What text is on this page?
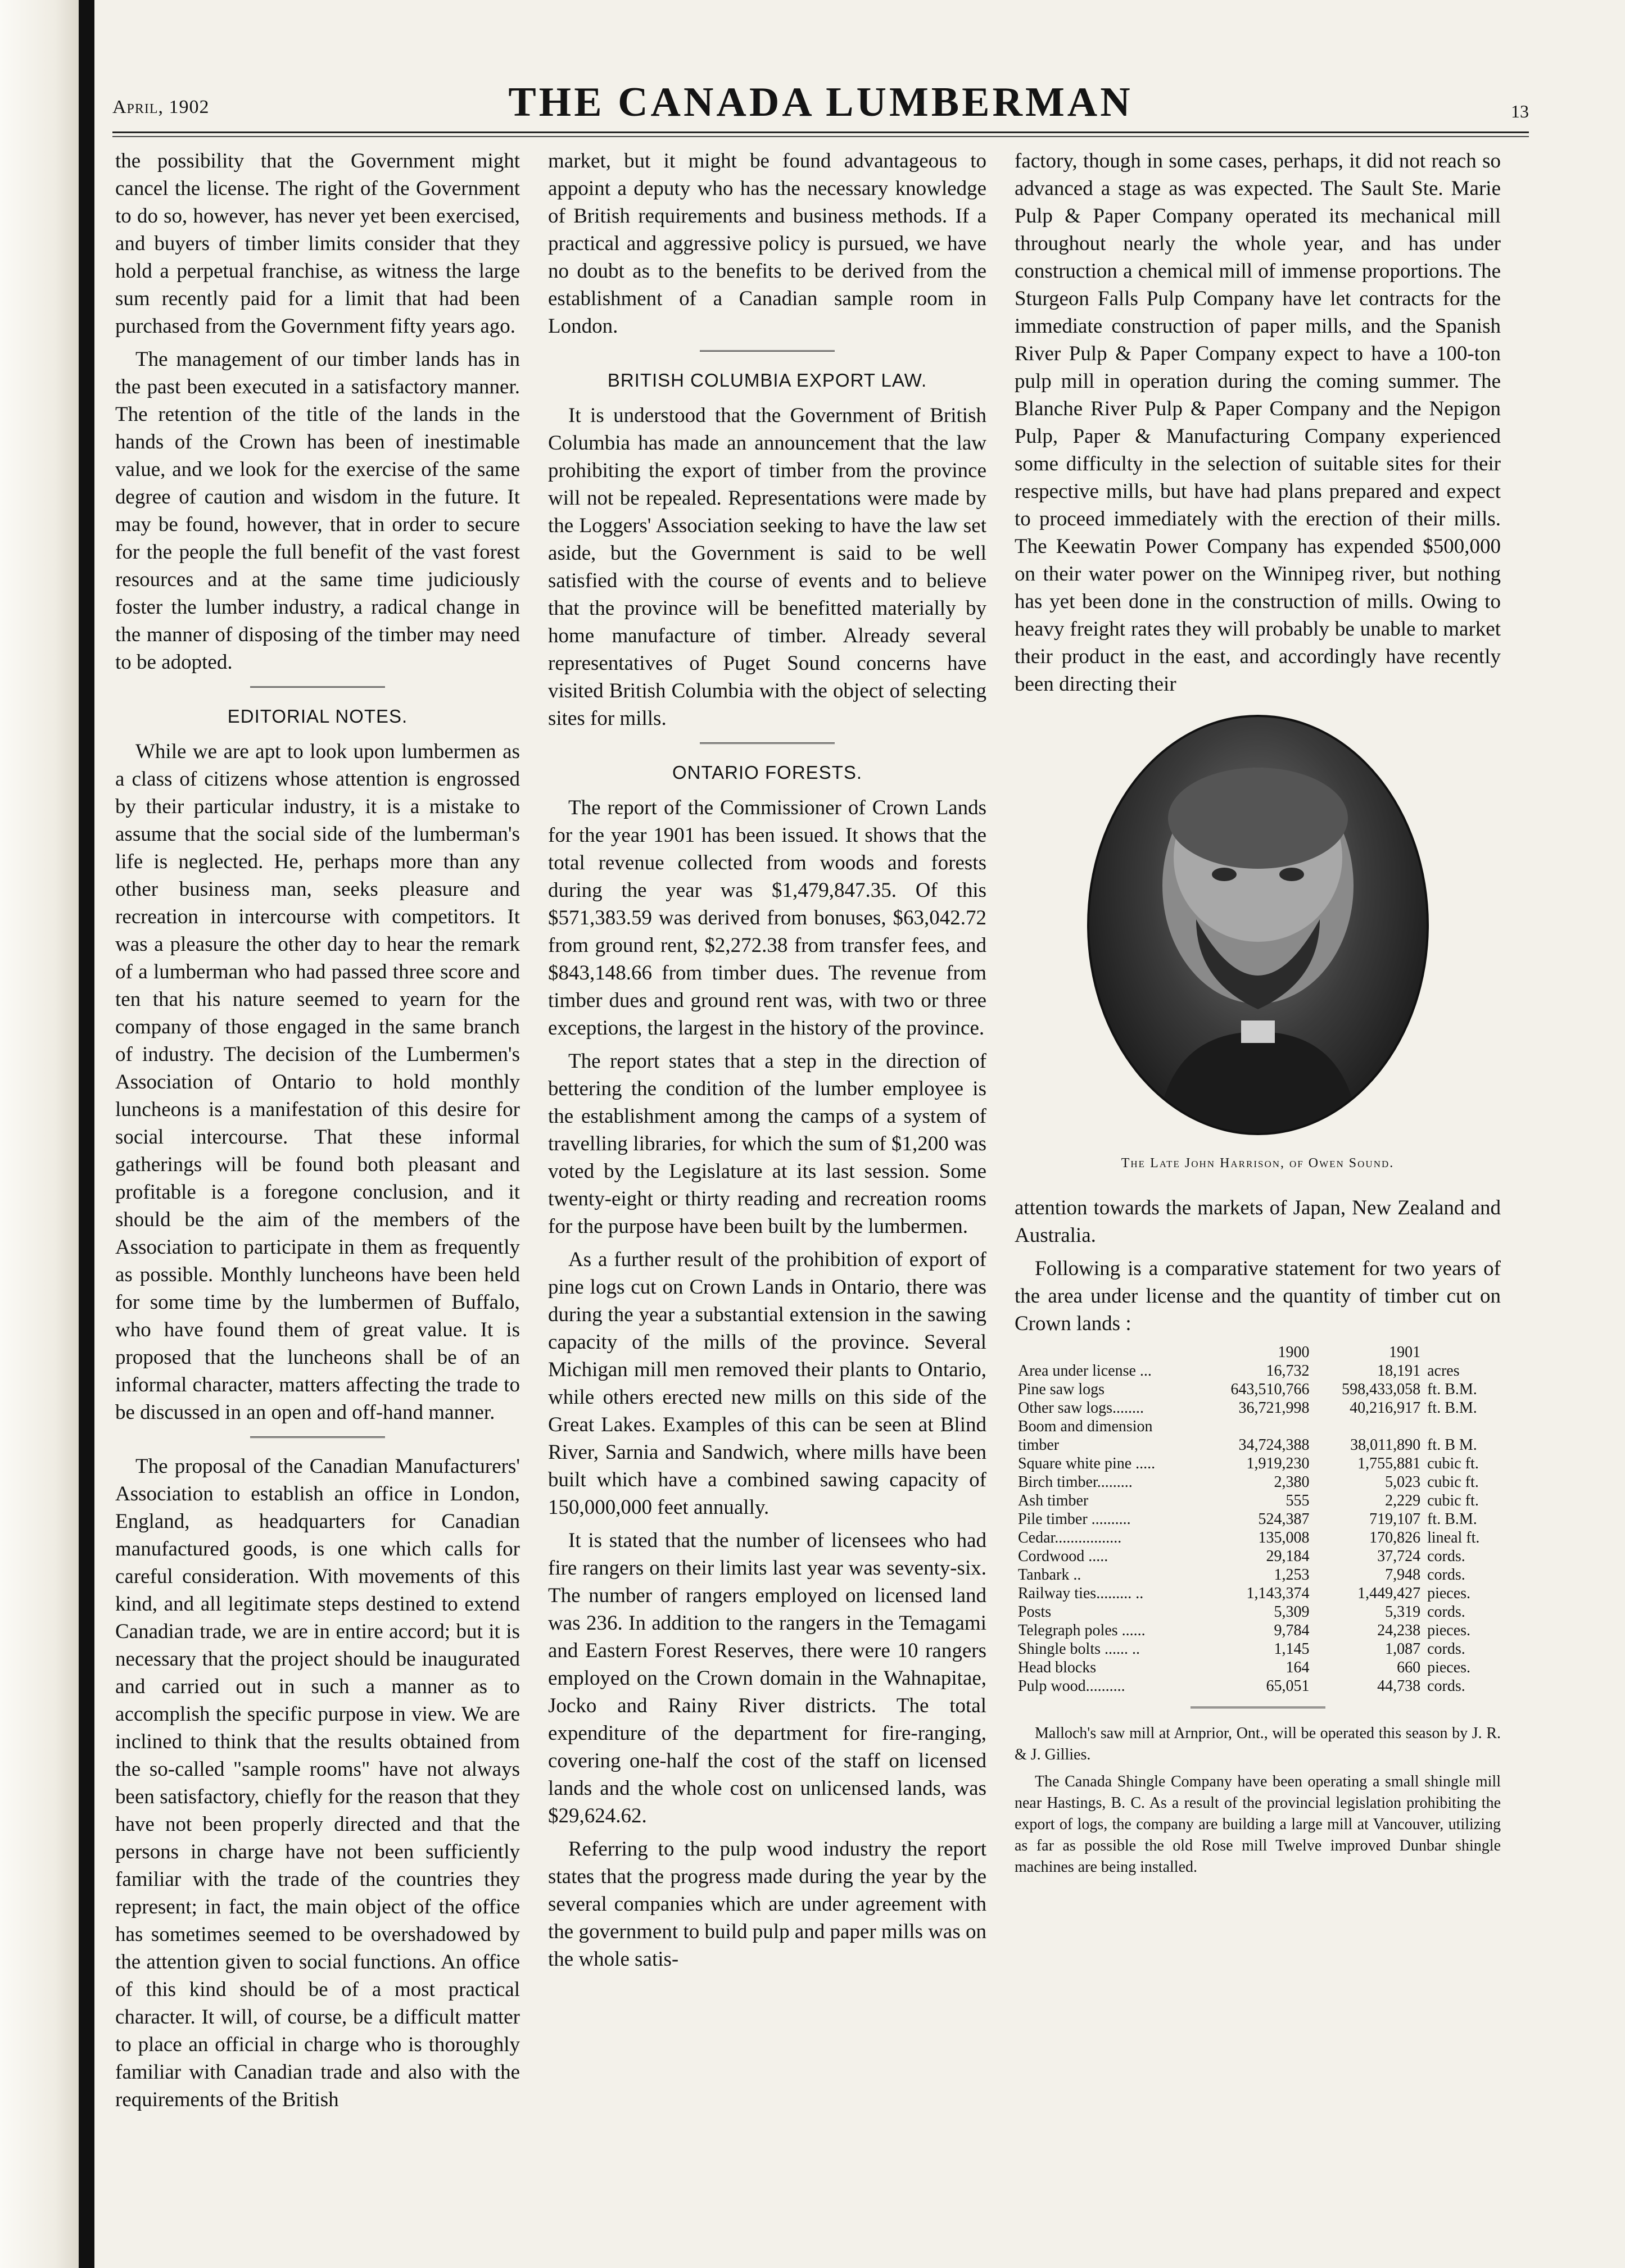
April, 1902	THE CANADA LUMBERMAN	13

the possibility that the Government might cancel the license. The right of the Government to do so, however, has never yet been exercised, and buyers of timber limits consider that they hold a perpetual franchise, as witness the large sum recently paid for a limit that had been purchased from the Government fifty years ago.

The management of our timber lands has in the past been executed in a satisfactory manner. The retention of the title of the lands in the hands of the Crown has been of inestimable value, and we look for the exercise of the same degree of caution and wisdom in the future. It may be found, however, that in order to secure for the people the full benefit of the vast forest resources and at the same time judiciously foster the lumber industry, a radical change in the manner of disposing of the timber may need to be adopted.

EDITORIAL NOTES.

While we are apt to look upon lumbermen as a class of citizens whose attention is engrossed by their particular industry, it is a mistake to assume that the social side of the lumberman's life is neglected. He, perhaps more than any other business man, seeks pleasure and recreation in intercourse with competitors. It was a pleasure the other day to hear the remark of a lumberman who had passed three score and ten that his nature seemed to yearn for the company of those engaged in the same branch of industry. The decision of the Lumbermen's Association of Ontario to hold monthly luncheons is a manifestation of this desire for social intercourse. That these informal gatherings will be found both pleasant and profitable is a foregone conclusion, and it should be the aim of the members of the Association to participate in them as frequently as possible. Monthly luncheons have been held for some time by the lumbermen of Buffalo, who have found them of great value. It is proposed that the luncheons shall be of an informal character, matters affecting the trade to be discussed in an open and off-hand manner.

The proposal of the Canadian Manufacturers' Association to establish an office in London, England, as headquarters for Canadian manufactured goods, is one which calls for careful consideration. With movements of this kind, and all legitimate steps destined to extend Canadian trade, we are in entire accord; but it is necessary that the project should be inaugurated and carried out in such a manner as to accomplish the specific purpose in view. We are inclined to think that the results obtained from the so-called "sample rooms" have not always been satisfactory, chiefly for the reason that they have not been properly directed and that the persons in charge have not been sufficiently familiar with the trade of the countries they represent; in fact, the main object of the office has sometimes seemed to be overshadowed by the attention given to social functions. An office of this kind should be of a most practical character. It will, of course, be a difficult matter to place an official in charge who is thoroughly familiar with Canadian trade and also with the requirements of the British

market, but it might be found advantageous to appoint a deputy who has the necessary knowledge of British requirements and business methods. If a practical and aggressive policy is pursued, we have no doubt as to the benefits to be derived from the establishment of a Canadian sample room in London.

BRITISH COLUMBIA EXPORT LAW.

It is understood that the Government of British Columbia has made an announcement that the law prohibiting the export of timber from the province will not be repealed. Representations were made by the Loggers' Association seeking to have the law set aside, but the Government is said to be well satisfied with the course of events and to believe that the province will be benefitted materially by home manufacture of timber. Already several representatives of Puget Sound concerns have visited British Columbia with the object of selecting sites for mills.

ONTARIO FORESTS.

The report of the Commissioner of Crown Lands for the year 1901 has been issued. It shows that the total revenue collected from woods and forests during the year was $1,479,847.35. Of this $571,383.59 was derived from bonuses, $63,042.72 from ground rent, $2,272.38 from transfer fees, and $843,148.66 from timber dues. The revenue from timber dues and ground rent was, with two or three exceptions, the largest in the history of the province.

The report states that a step in the direction of bettering the condition of the lumber employee is the establishment among the camps of a system of travelling libraries, for which the sum of $1,200 was voted by the Legislature at its last session. Some twenty-eight or thirty reading and recreation rooms for the purpose have been built by the lumbermen.

As a further result of the prohibition of export of pine logs cut on Crown Lands in Ontario, there was during the year a substantial extension in the sawing capacity of the mills of the province. Several Michigan mill men removed their plants to Ontario, while others erected new mills on this side of the Great Lakes. Examples of this can be seen at Blind River, Sarnia and Sandwich, where mills have been built which have a combined sawing capacity of 150,000,000 feet annually.

It is stated that the number of licensees who had fire rangers on their limits last year was seventy-six. The number of rangers employed on licensed land was 236. In addition to the rangers in the Temagami and Eastern Forest Reserves, there were 10 rangers employed on the Crown domain in the Wahnapitae, Jocko and Rainy River districts. The total expenditure of the department for fire-ranging, covering one-half the cost of the staff on licensed lands and the whole cost on unlicensed lands, was $29,624.62.

Referring to the pulp wood industry the report states that the progress made during the year by the several companies which are under agreement with the government to build pulp and paper mills was on the whole satis-

factory, though in some cases, perhaps, it did not reach so advanced a stage as was expected. The Sault Ste. Marie Pulp & Paper Company operated its mechanical mill throughout nearly the whole year, and has under construction a chemical mill of immense proportions. The Sturgeon Falls Pulp Company have let contracts for the immediate construction of paper mills, and the Spanish River Pulp & Paper Company expect to have a 100-ton pulp mill in operation during the coming summer. The Blanche River Pulp & Paper Company and the Nepigon Pulp, Paper & Manufacturing Company experienced some difficulty in the selection of suitable sites for their respective mills, but have had plans prepared and expect to proceed immediately with the erection of their mills. The Keewatin Power Company has expended $500,000 on their water power on the Winnipeg river, but nothing has yet been done in the construction of mills. Owing to heavy freight rates they will probably be unable to market their product in the east, and accordingly have recently been directing their

The Late John Harrison, of Owen Sound.

attention towards the markets of Japan, New Zealand and Australia.

Following is a comparative statement for two years of the area under license and the quantity of timber cut on Crown lands :

	1900	1901	
Area under license ...	16,732	18,191	acres
Pine saw logs	643,510,766	598,433,058	ft. B.M.
Other saw logs........	36,721,998	40,216,917	ft. B.M.
Boom and dimension			
timber	34,724,388	38,011,890	ft. B M.
Square white pine .....	1,919,230	1,755,881	cubic ft.
Birch timber.........	2,380	5,023	cubic ft.
Ash timber	555	2,229	cubic ft.
Pile timber ..........	524,387	719,107	ft. B.M.
Cedar.................	135,008	170,826	lineal ft.
Cordwood .....	29,184	37,724	cords.
Tanbark ..	1,253	7,948	cords.
Railway ties......... ..	1,143,374	1,449,427	pieces.
Posts	5,309	5,319	cords.
Telegraph poles ......	9,784	24,238	pieces.
Shingle bolts ...... ..	1,145	1,087	cords.
Head blocks	164	660	pieces.
Pulp wood..........	65,051	44,738	cords.
Malloch's saw mill at Arnprior, Ont., will be operated this season by J. R. & J. Gillies.
The Canada Shingle Company have been operating a small shingle mill near Hastings, B. C. As a result of the provincial legislation prohibiting the export of logs, the company are building a large mill at Vancouver, utilizing as far as possible the old Rose mill Twelve improved Dunbar shingle machines are being installed.
